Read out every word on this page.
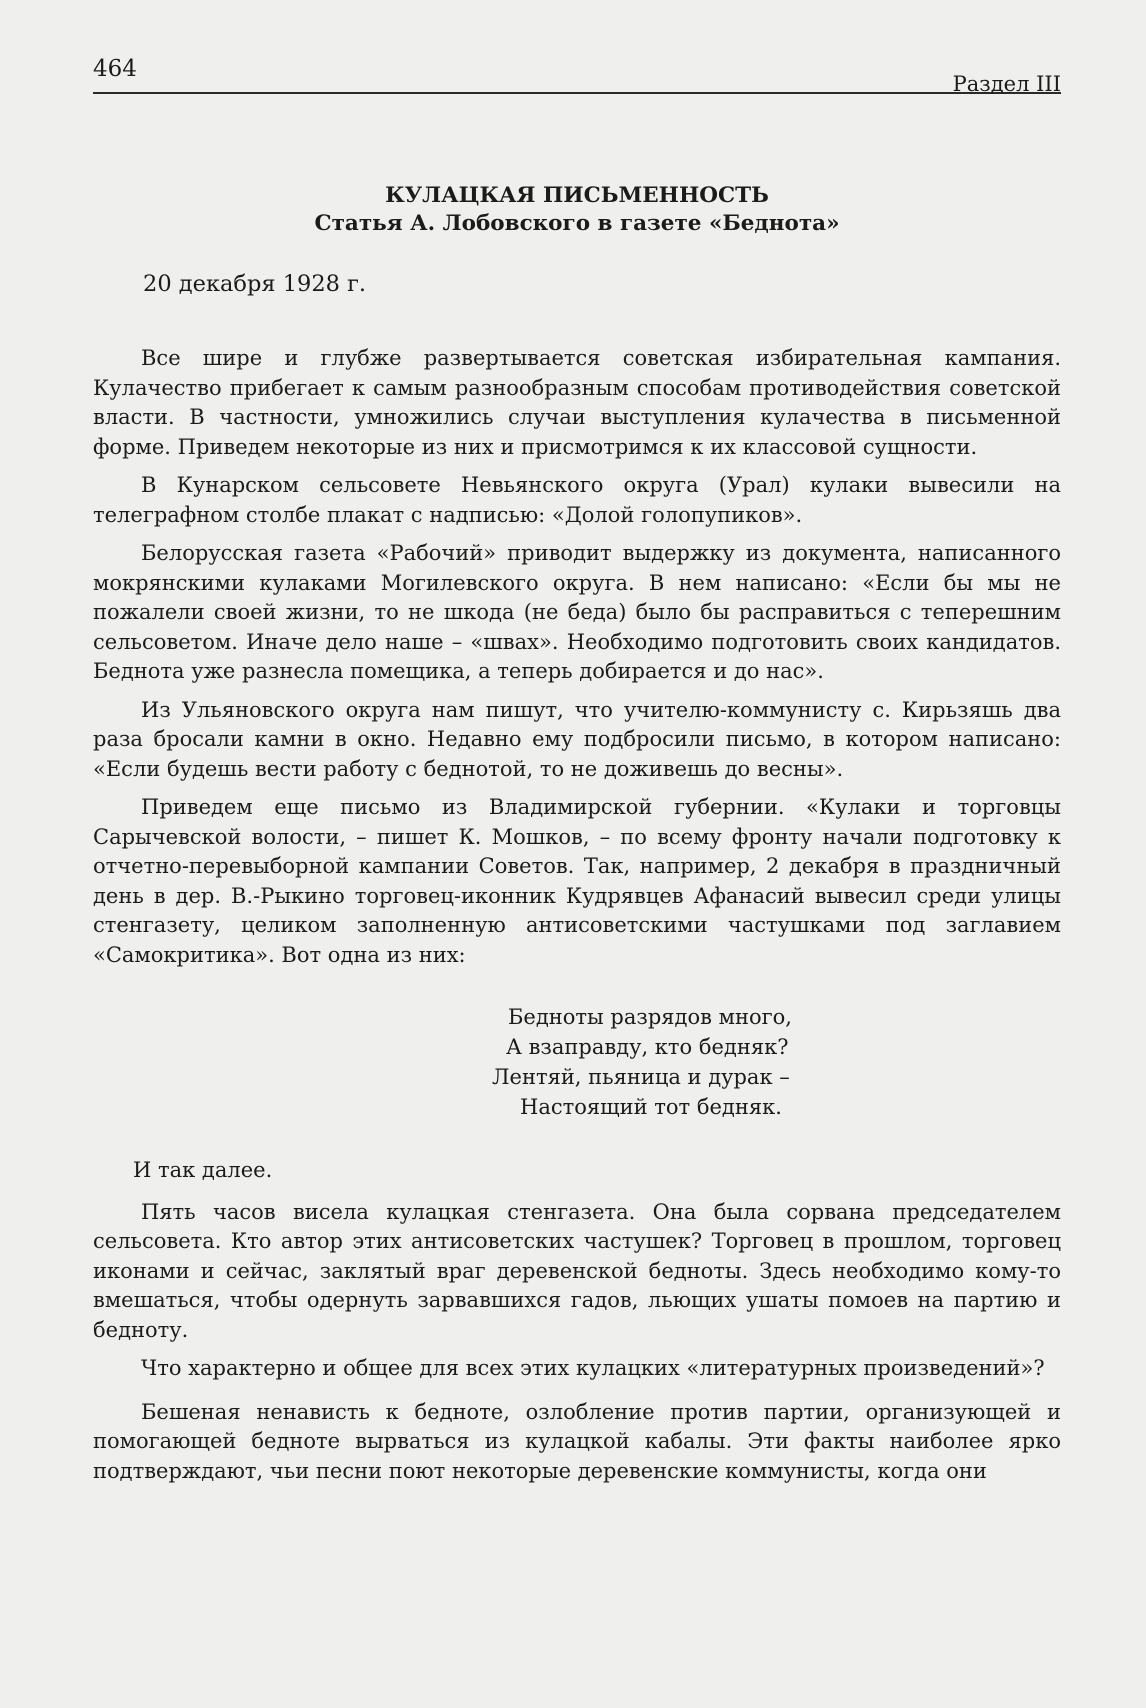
464
Раздел III
КУЛАЦКАЯ ПИСЬМЕННОСТЬ
Статья А. Лобовского в газете «Беднота»
20 декабря 1928 г.

Все шире и глубже развертывается советская избирательная кампания. Кулачество прибегает к самым разнообразным способам противодействия советской власти. В частности, умножились случаи выступления кулачества в письменной форме. Приведем некоторые из них и присмотримся к их классовой сущности.

В Кунарском сельсовете Невьянского округа (Урал) кулаки вывесили на телеграфном столбе плакат с надписью: «Долой голопупиков».

Белорусская газета «Рабочий» приводит выдержку из документа, написанного мокрянскими кулаками Могилевского округа. В нем написано: «Если бы мы не пожалели своей жизни, то не шкода (не беда) было бы расправиться с теперешним сельсоветом. Иначе дело наше – «швах». Необходимо подготовить своих кандидатов. Беднота уже разнесла помещика, а теперь добирается и до нас».

Из Ульяновского округа нам пишут, что учителю-коммунисту с. Кирьзяшь два раза бросали камни в окно. Недавно ему подбросили письмо, в котором написано: «Если будешь вести работу с беднотой, то не доживешь до весны».

Приведем еще письмо из Владимирской губернии. «Кулаки и торговцы Сарычевской волости, – пишет К. Мошков, – по всему фронту начали подготовку к отчетно-перевыборной кампании Советов. Так, например, 2 декабря в праздничный день в дер. В.-Рыкино торговец-иконник Кудрявцев Афанасий вывесил среди улицы стенгазету, целиком заполненную антисоветскими частушками под заглавием «Самокритика». Вот одна из них:

Бедноты разрядов много,
А взаправду, кто бедняк?
Лентяй, пьяница и дурак –
Настоящий тот бедняк.

И так далее.

Пять часов висела кулацкая стенгазета. Она была сорвана председателем сельсовета. Кто автор этих антисоветских частушек? Торговец в прошлом, торговец иконами и сейчас, заклятый враг деревенской бедноты. Здесь необходимо кому-то вмешаться, чтобы одернуть зарвавшихся гадов, льющих ушаты помоев на партию и бедноту.

Что характерно и общее для всех этих кулацких «литературных произведений»?

Бешеная ненависть к бедноте, озлобление против партии, организующей и помогающей бедноте вырваться из кулацкой кабалы. Эти факты наиболее ярко подтверждают, чьи песни поют некоторые деревенские коммунисты, когда они
